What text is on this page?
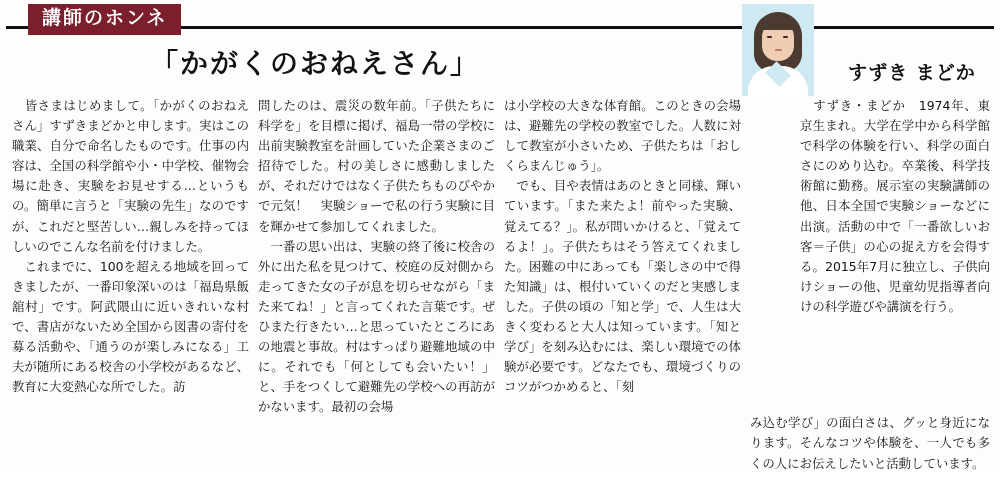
講師のホンネ
「かがくのおねえさん」	すずき まどか

　皆さまはじめまして。「かがくのおねえさん」すずきまどかと申します。実はこの職業、自分で命名したものです。仕事の内容は、全国の科学館や小・中学校、催物会場に赴き、実験をお見せする…というもの。簡単に言うと「実験の先生」なのですが、これだと堅苦しい…親しみを持ってほしいのでこんな名前を付けました。

　これまでに、100を超える地域を回ってきましたが、一番印象深いのは「福島県飯舘村」です。阿武隈山に近いきれいな村で、書店がないため全国から図書の寄付を募る活動や、「通うのが楽しみになる」工夫が随所にある校舎の小学校があるなど、教育に大変熱心な所でした。訪

問したのは、震災の数年前。「子供たちに科学を」を目標に掲げ、福島一帯の学校に出前実験教室を計画していた企業さまのご招待でした。村の美しさに感動しましたが、それだけではなく子供たちものびやかで元気！　実験ショーで私の行う実験に目を輝かせて参加してくれました。

　一番の思い出は、実験の終了後に校舎の外に出た私を見つけて、校庭の反対側から走ってきた女の子が息を切らせながら「また来てね！」と言ってくれた言葉です。ぜひまた行きたい…と思っていたところにあの地震と事故。村はすっぱり避難地域の中に。それでも「何としても会いたい！」と、手をつくして避難先の学校への再訪がかないます。最初の会場

は小学校の大きな体育館。このときの会場は、避難先の学校の教室でした。人数に対して教室が小さいため、子供たちは「おしくらまんじゅう」。

　でも、目や表情はあのときと同様、輝いています。「また来たよ！前やった実験、覚えてる？」。私が問いかけると、「覚えてるよ！」。子供たちはそう答えてくれました。困難の中にあっても「楽しさの中で得た知識」は、根付いていくのだと実感しました。子供の頃の「知と学」で、人生は大きく変わると大人は知っています。「知と学び」を刻み込むには、楽しい環境での体験が必要です。どなたでも、環境づくりのコツがつかめると、「刻

　すずき・まどか　1974年、東京生まれ。大学在学中から科学館で科学の体験を行い、科学の面白さにのめり込む。卒業後、科学技術館に勤務。展示室の実験講師の他、日本全国で実験ショーなどに出演。活動の中で「一番欲しいお客＝子供」の心の捉え方を会得する。2015年7月に独立し、子供向けショーの他、児童幼児指導者向けの科学遊びや講演を行う。

み込む学び」の面白さは、グッと身近になります。そんなコツや体験を、一人でも多くの人にお伝えしたいと活動しています。
